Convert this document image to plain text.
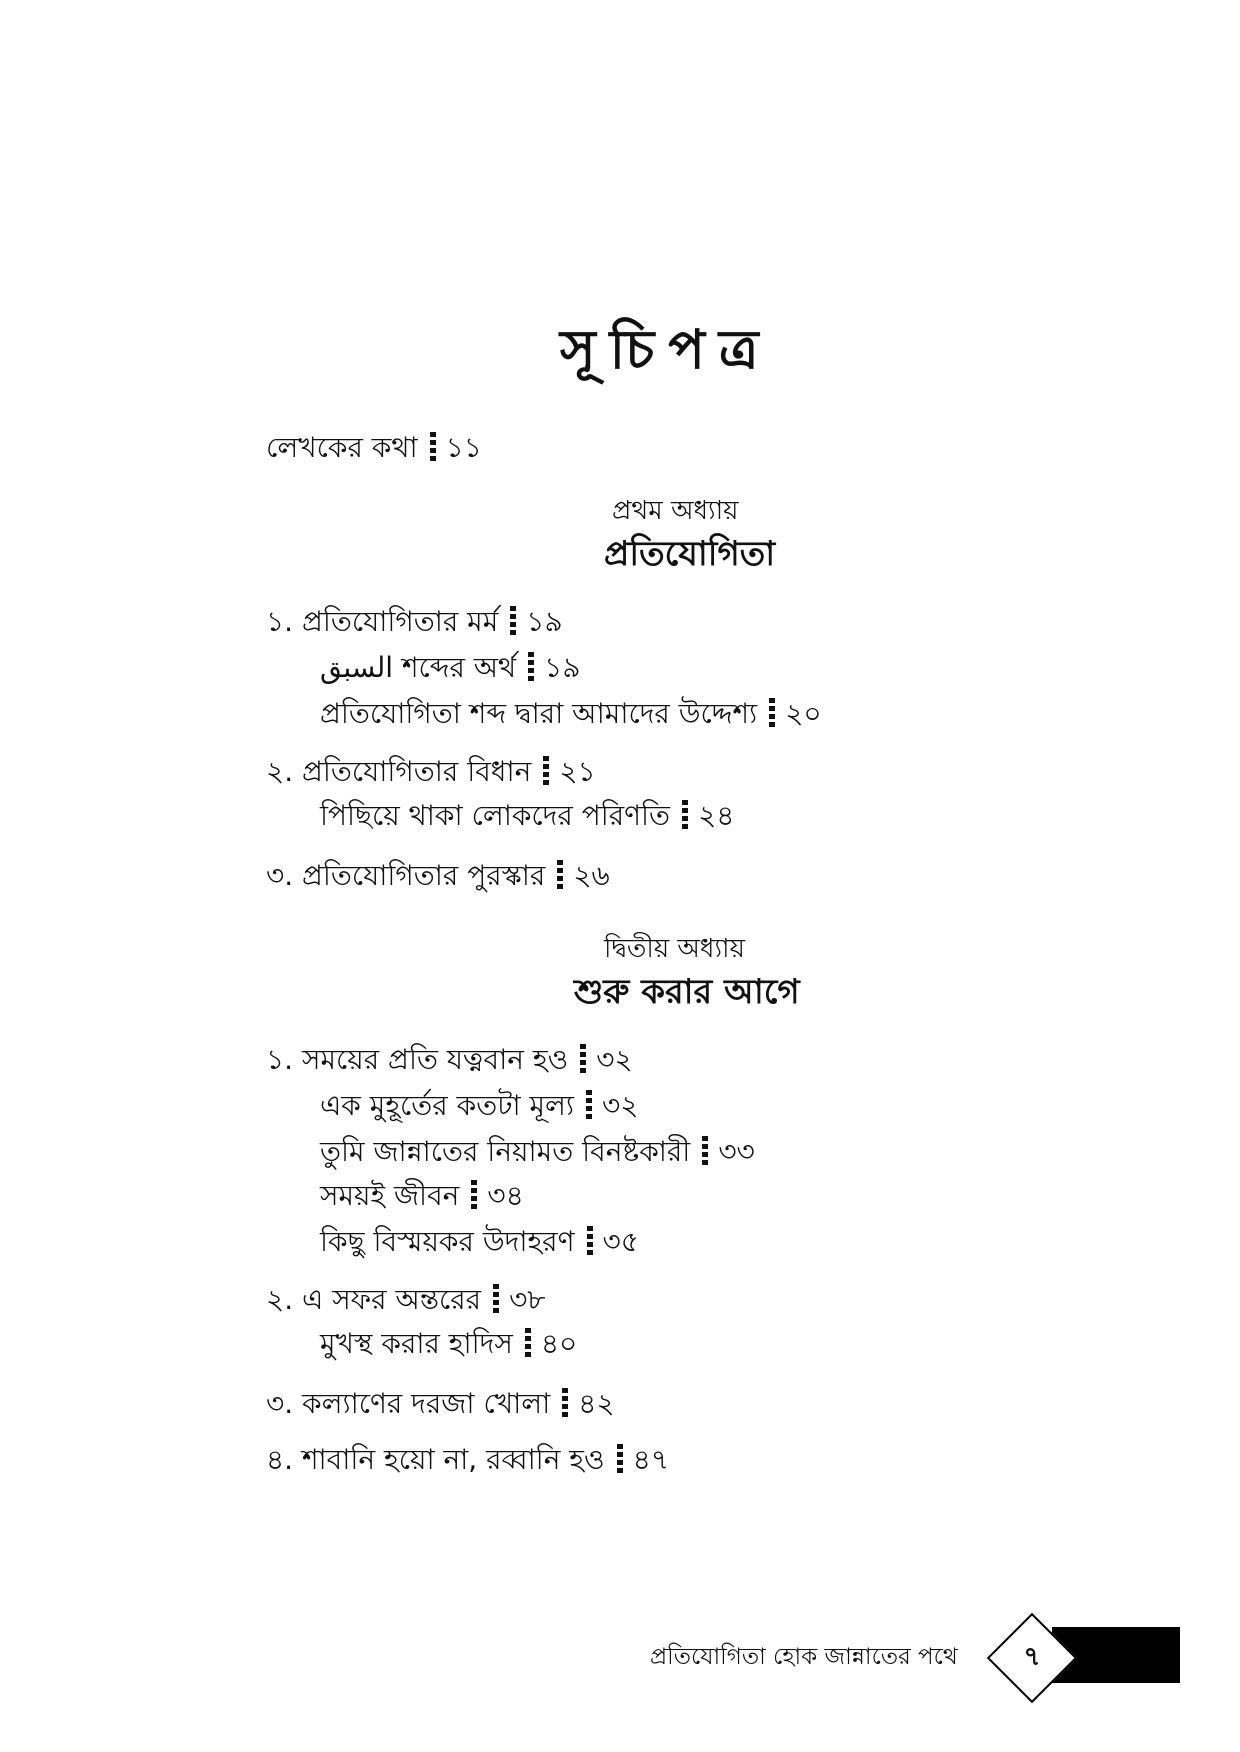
সূচিপত্র
লেখকের কথা ১১
প্রথম অধ্যায়
প্রতিযোগিতা
১. প্রতিযোগিতার মর্ম ১৯
السبق শব্দের অর্থ ১৯
প্রতিযোগিতা শব্দ দ্বারা আমাদের উদ্দেশ্য ২০
২. প্রতিযোগিতার বিধান ২১
পিছিয়ে থাকা লোকদের পরিণতি ২৪
৩. প্রতিযোগিতার পুরস্কার ২৬
দ্বিতীয় অধ্যায়
শুরু করার আগে
১. সময়ের প্রতি যত্নবান হও ৩২
এক মুহূর্তের কতটা মূল্য ৩২
তুমি জান্নাতের নিয়ামত বিনষ্টকারী ৩৩
সময়ই জীবন ৩৪
কিছু বিস্ময়কর উদাহরণ ৩৫
২. এ সফর অন্তরের ৩৮
মুখস্থ করার হাদিস ৪০
৩. কল্যাণের দরজা খোলা ৪২
৪. শাবানি হয়ো না, রব্বানি হও ৪৭
প্রতিযোগিতা হোক জান্নাতের পথে	৭
